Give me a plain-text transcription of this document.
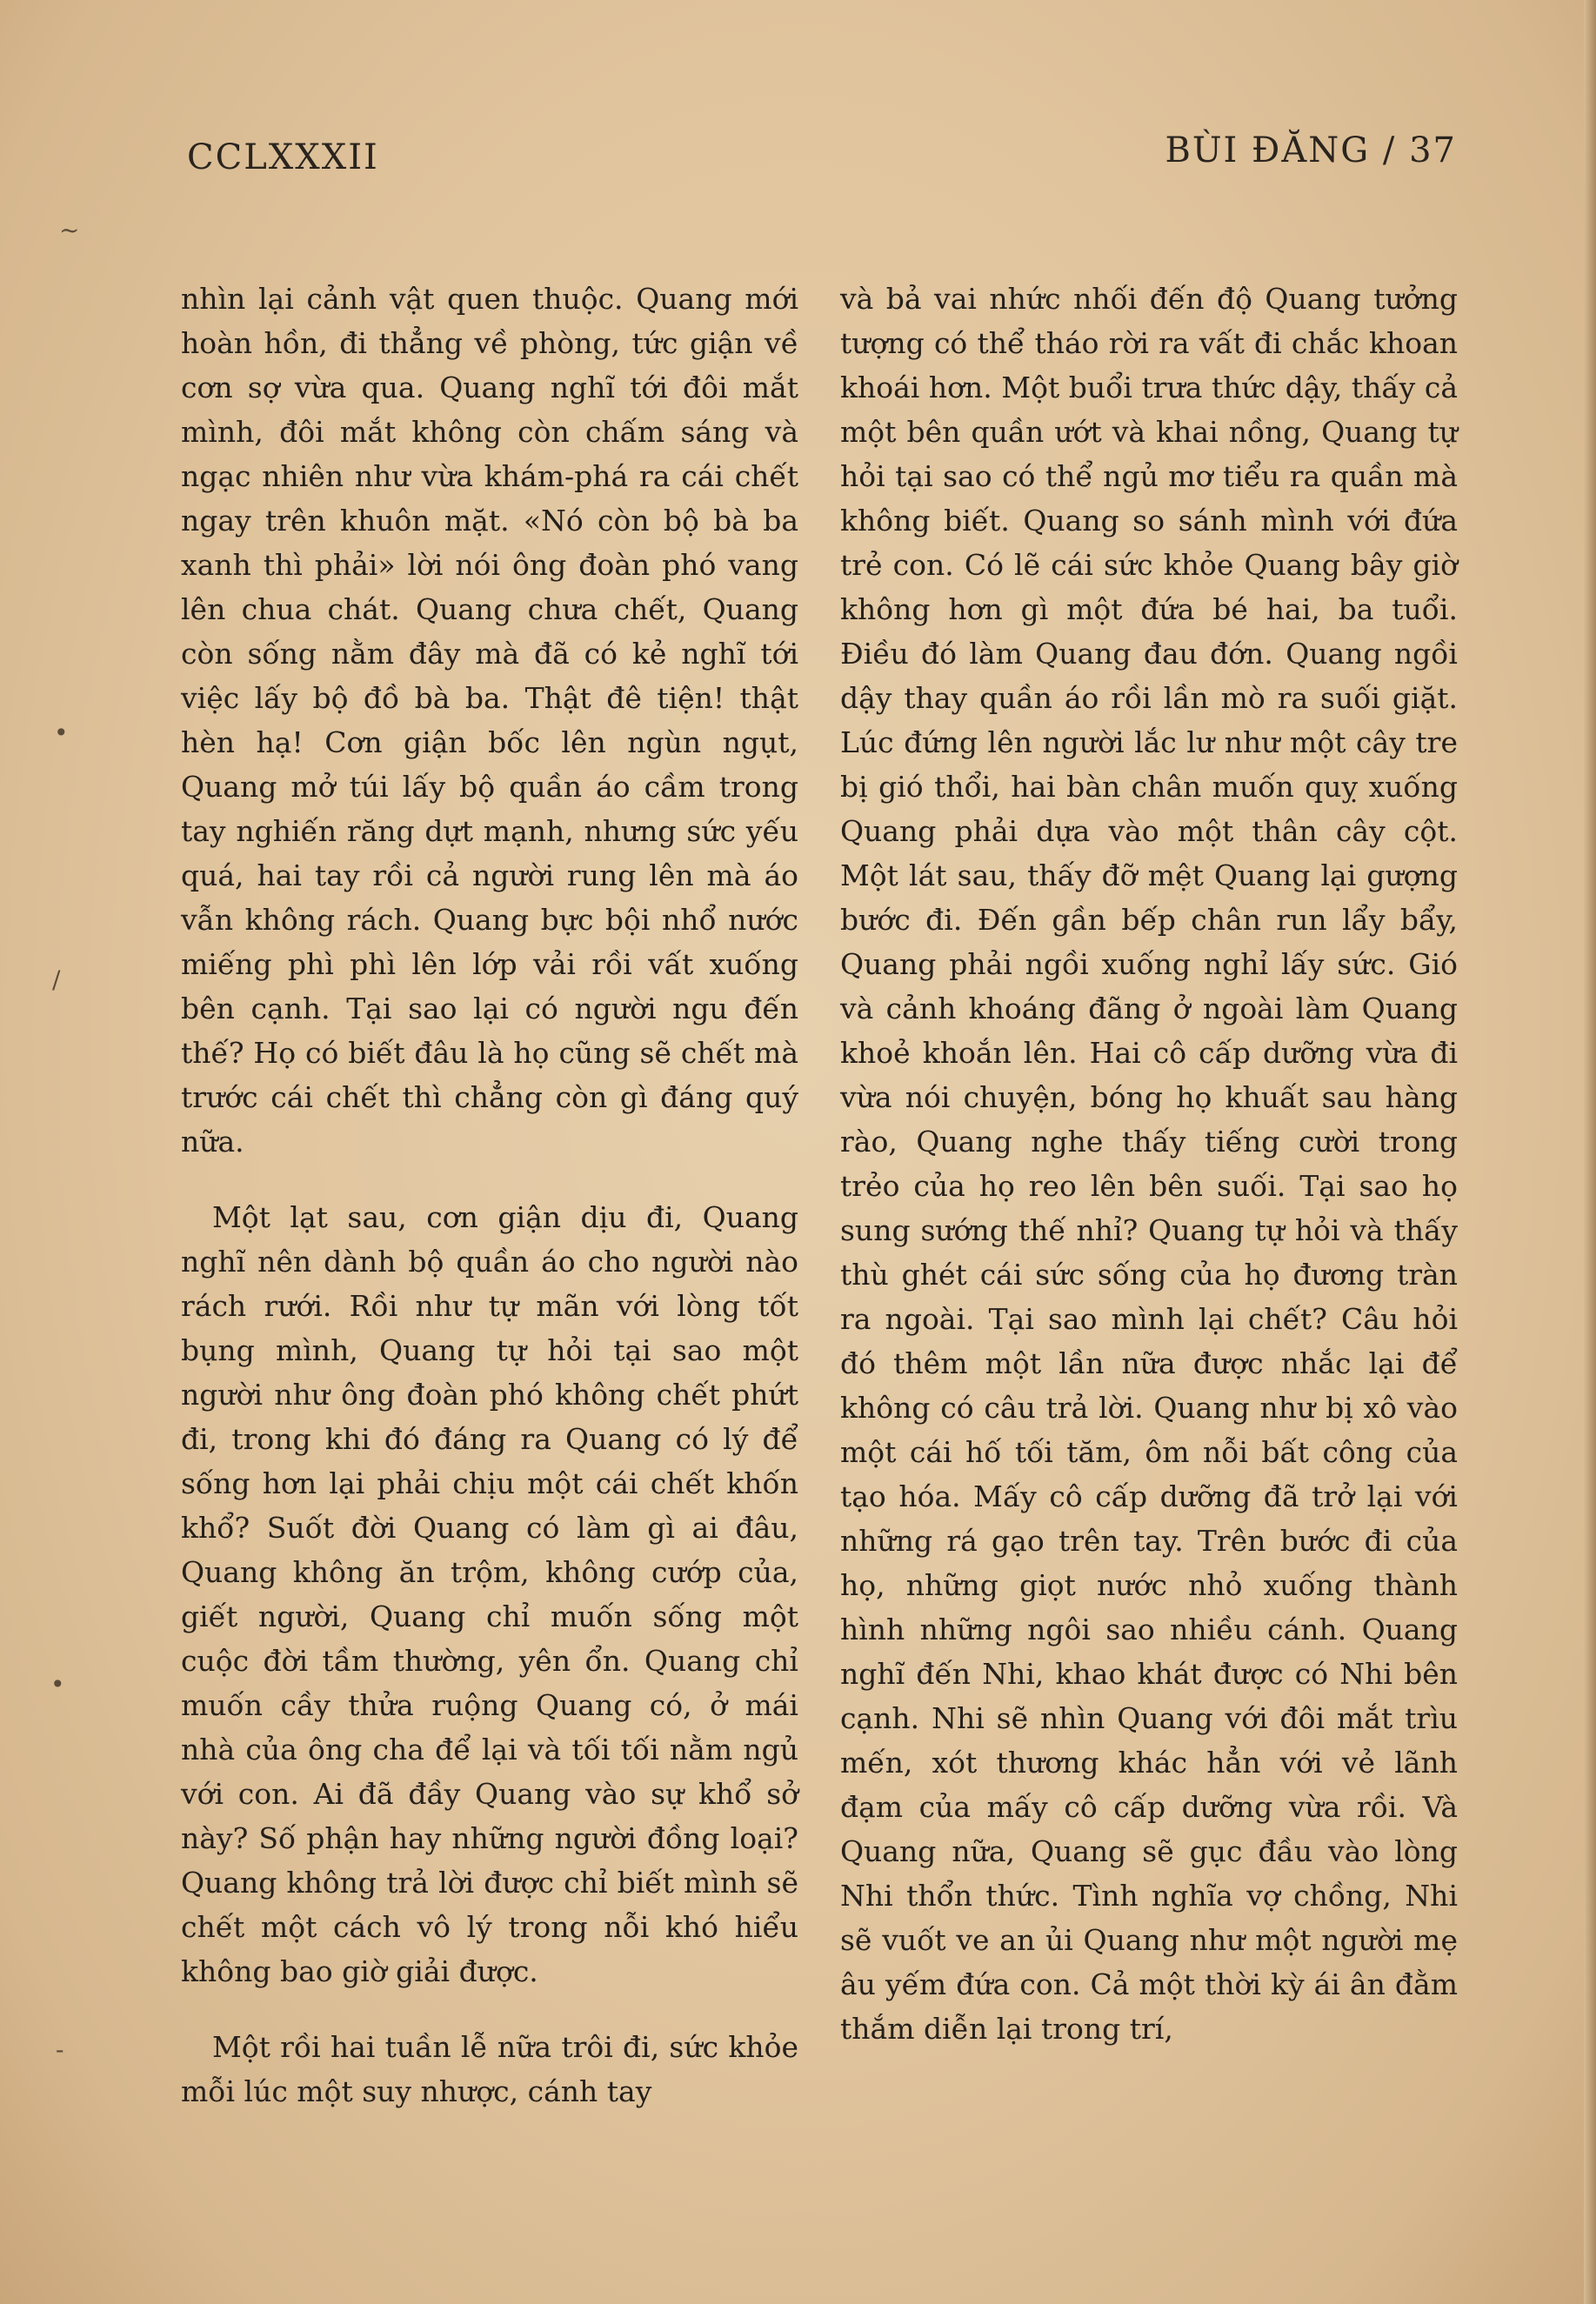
CCLXXXII	BÙI ĐĂNG / 37
~
•
/
•
-

nhìn lại cảnh vật quen thuộc. Quang mới hoàn hồn, đi thẳng về phòng, tức giận về cơn sợ vừa qua. Quang nghĩ tới đôi mắt mình, đôi mắt không còn chấm sáng và ngạc nhiên như vừa khám-phá ra cái chết ngay trên khuôn mặt. «Nó còn bộ bà ba xanh thì phải» lời nói ông đoàn phó vang lên chua chát. Quang chưa chết, Quang còn sống nằm đây mà đã có kẻ nghĩ tới việc lấy bộ đồ bà ba. Thật đê tiện! thật hèn hạ! Cơn giận bốc lên ngùn ngụt, Quang mở túi lấy bộ quần áo cầm trong tay nghiến răng dựt mạnh, nhưng sức yếu quá, hai tay rồi cả người rung lên mà áo vẫn không rách. Quang bực bội nhổ nước miếng phì phì lên lớp vải rồi vất xuống bên cạnh. Tại sao lại có người ngu đến thế? Họ có biết đâu là họ cũng sẽ chết mà trước cái chết thì chẳng còn gì đáng quý nữa.

Một lạt sau, cơn giận dịu đi, Quang nghĩ nên dành bộ quần áo cho người nào rách rưới. Rồi như tự mãn với lòng tốt bụng mình, Quang tự hỏi tại sao một người như ông đoàn phó không chết phứt đi, trong khi đó đáng ra Quang có lý để sống hơn lại phải chịu một cái chết khốn khổ? Suốt đời Quang có làm gì ai đâu, Quang không ăn trộm, không cướp của, giết người, Quang chỉ muốn sống một cuộc đời tầm thường, yên ổn. Quang chỉ muốn cầy thửa ruộng Quang có, ở mái nhà của ông cha để lại và tối tối nằm ngủ với con. Ai đã đầy Quang vào sự khổ sở này? Số phận hay những người đồng loại? Quang không trả lời được chỉ biết mình sẽ chết một cách vô lý trong nỗi khó hiểu không bao giờ giải được.

Một rồi hai tuần lễ nữa trôi đi, sức khỏe mỗi lúc một suy nhược, cánh tay

và bả vai nhức nhối đến độ Quang tưởng tượng có thể tháo rời ra vất đi chắc khoan khoái hơn. Một buổi trưa thức dậy, thấy cả một bên quần ướt và khai nồng, Quang tự hỏi tại sao có thể ngủ mơ tiểu ra quần mà không biết. Quang so sánh mình với đứa trẻ con. Có lẽ cái sức khỏe Quang bây giờ không hơn gì một đứa bé hai, ba tuổi. Điều đó làm Quang đau đớn. Quang ngồi dậy thay quần áo rồi lần mò ra suối giặt. Lúc đứng lên người lắc lư như một cây tre bị gió thổi, hai bàn chân muốn quỵ xuống Quang phải dựa vào một thân cây cột. Một lát sau, thấy đỡ mệt Quang lại gượng bước đi. Đến gần bếp chân run lẩy bẩy, Quang phải ngồi xuống nghỉ lấy sức. Gió và cảnh khoáng đãng ở ngoài làm Quang khoẻ khoắn lên. Hai cô cấp dưỡng vừa đi vừa nói chuyện, bóng họ khuất sau hàng rào, Quang nghe thấy tiếng cười trong trẻo của họ reo lên bên suối. Tại sao họ sung sướng thế nhỉ? Quang tự hỏi và thấy thù ghét cái sức sống của họ đương tràn ra ngoài. Tại sao mình lại chết? Câu hỏi đó thêm một lần nữa được nhắc lại để không có câu trả lời. Quang như bị xô vào một cái hố tối tăm, ôm nỗi bất công của tạo hóa. Mấy cô cấp dưỡng đã trở lại với những rá gạo trên tay. Trên bước đi của họ, những giọt nước nhỏ xuống thành hình những ngôi sao nhiều cánh. Quang nghĩ đến Nhi, khao khát được có Nhi bên cạnh. Nhi sẽ nhìn Quang với đôi mắt trìu mến, xót thương khác hẳn với vẻ lãnh đạm của mấy cô cấp dưỡng vừa rồi. Và Quang nữa, Quang sẽ gục đầu vào lòng Nhi thổn thức. Tình nghĩa vợ chồng, Nhi sẽ vuốt ve an ủi Quang như một người mẹ âu yếm đứa con. Cả một thời kỳ ái ân đằm thắm diễn lại trong trí,
